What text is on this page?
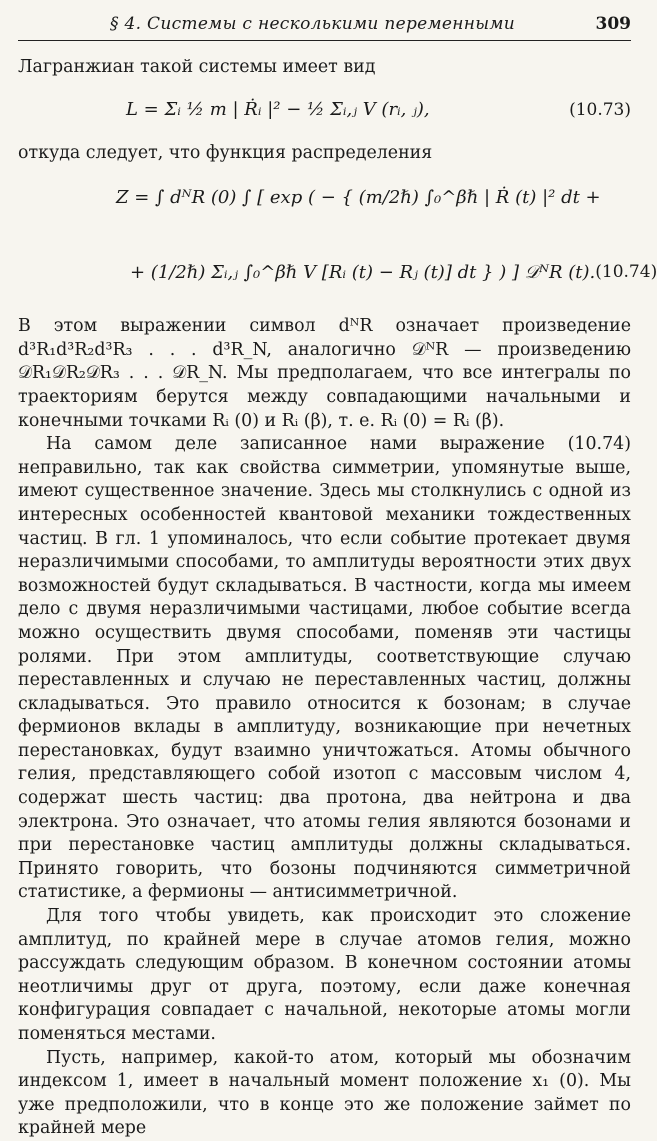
§ 4. Системы с несколькими переменными	309

Лагранжиан такой системы имеет вид

L = Σᵢ ½ m | Ṙᵢ |² − ½ Σᵢ,ⱼ V (rᵢ, ⱼ),	(10.73)

откуда следует, что функция распределения

Z = ∫ dᴺR (0) ∫ [ exp ( − { (m/2ℏ) ∫₀^βℏ | Ṙ (t) |² dt +
+ (1/2ℏ) Σᵢ,ⱼ ∫₀^βℏ V [Rᵢ (t) − Rⱼ (t)] dt } ) ] 𝒟ᴺR (t). (10.74)

В этом выражении символ dᴺR означает произведение d³R₁d³R₂d³R₃ . . . d³R_N, аналогично 𝒟ᴺR — произведению 𝒟R₁𝒟R₂𝒟R₃ . . . 𝒟R_N. Мы предполагаем, что все интегралы по траекториям берутся между совпадающими начальными и конечными точками Rᵢ (0) и Rᵢ (β), т. е. Rᵢ (0) = Rᵢ (β).

На самом деле записанное нами выражение (10.74) неправильно, так как свойства симметрии, упомянутые выше, имеют существенное значение. Здесь мы столкнулись с одной из интересных особенностей квантовой механики тождественных частиц. В гл. 1 упоминалось, что если событие протекает двумя неразличимыми способами, то амплитуды вероятности этих двух возможностей будут складываться. В частности, когда мы имеем дело с двумя неразличимыми частицами, любое событие всегда можно осуществить двумя способами, поменяв эти частицы ролями. При этом амплитуды, соответствующие случаю переставленных и случаю не переставленных частиц, должны складываться. Это правило относится к бозонам; в случае фермионов вклады в амплитуду, возникающие при нечетных перестановках, будут взаимно уничтожаться. Атомы обычного гелия, представляющего собой изотоп с массовым числом 4, содержат шесть частиц: два протона, два нейтрона и два электрона. Это означает, что атомы гелия являются бозонами и при перестановке частиц амплитуды должны складываться. Принято говорить, что бозоны подчиняются симметричной статистике, а фермионы — антисимметричной.

Для того чтобы увидеть, как происходит это сложение амплитуд, по крайней мере в случае атомов гелия, можно рассуждать следующим образом. В конечном состоянии атомы неотличимы друг от друга, поэтому, если даже конечная конфигурация совпадает с начальной, некоторые атомы могли поменяться местами.

Пусть, например, какой-то атом, который мы обозначим индексом 1, имеет в начальный момент положение x₁ (0). Мы уже предположили, что в конце это же положение займет по крайней мере
